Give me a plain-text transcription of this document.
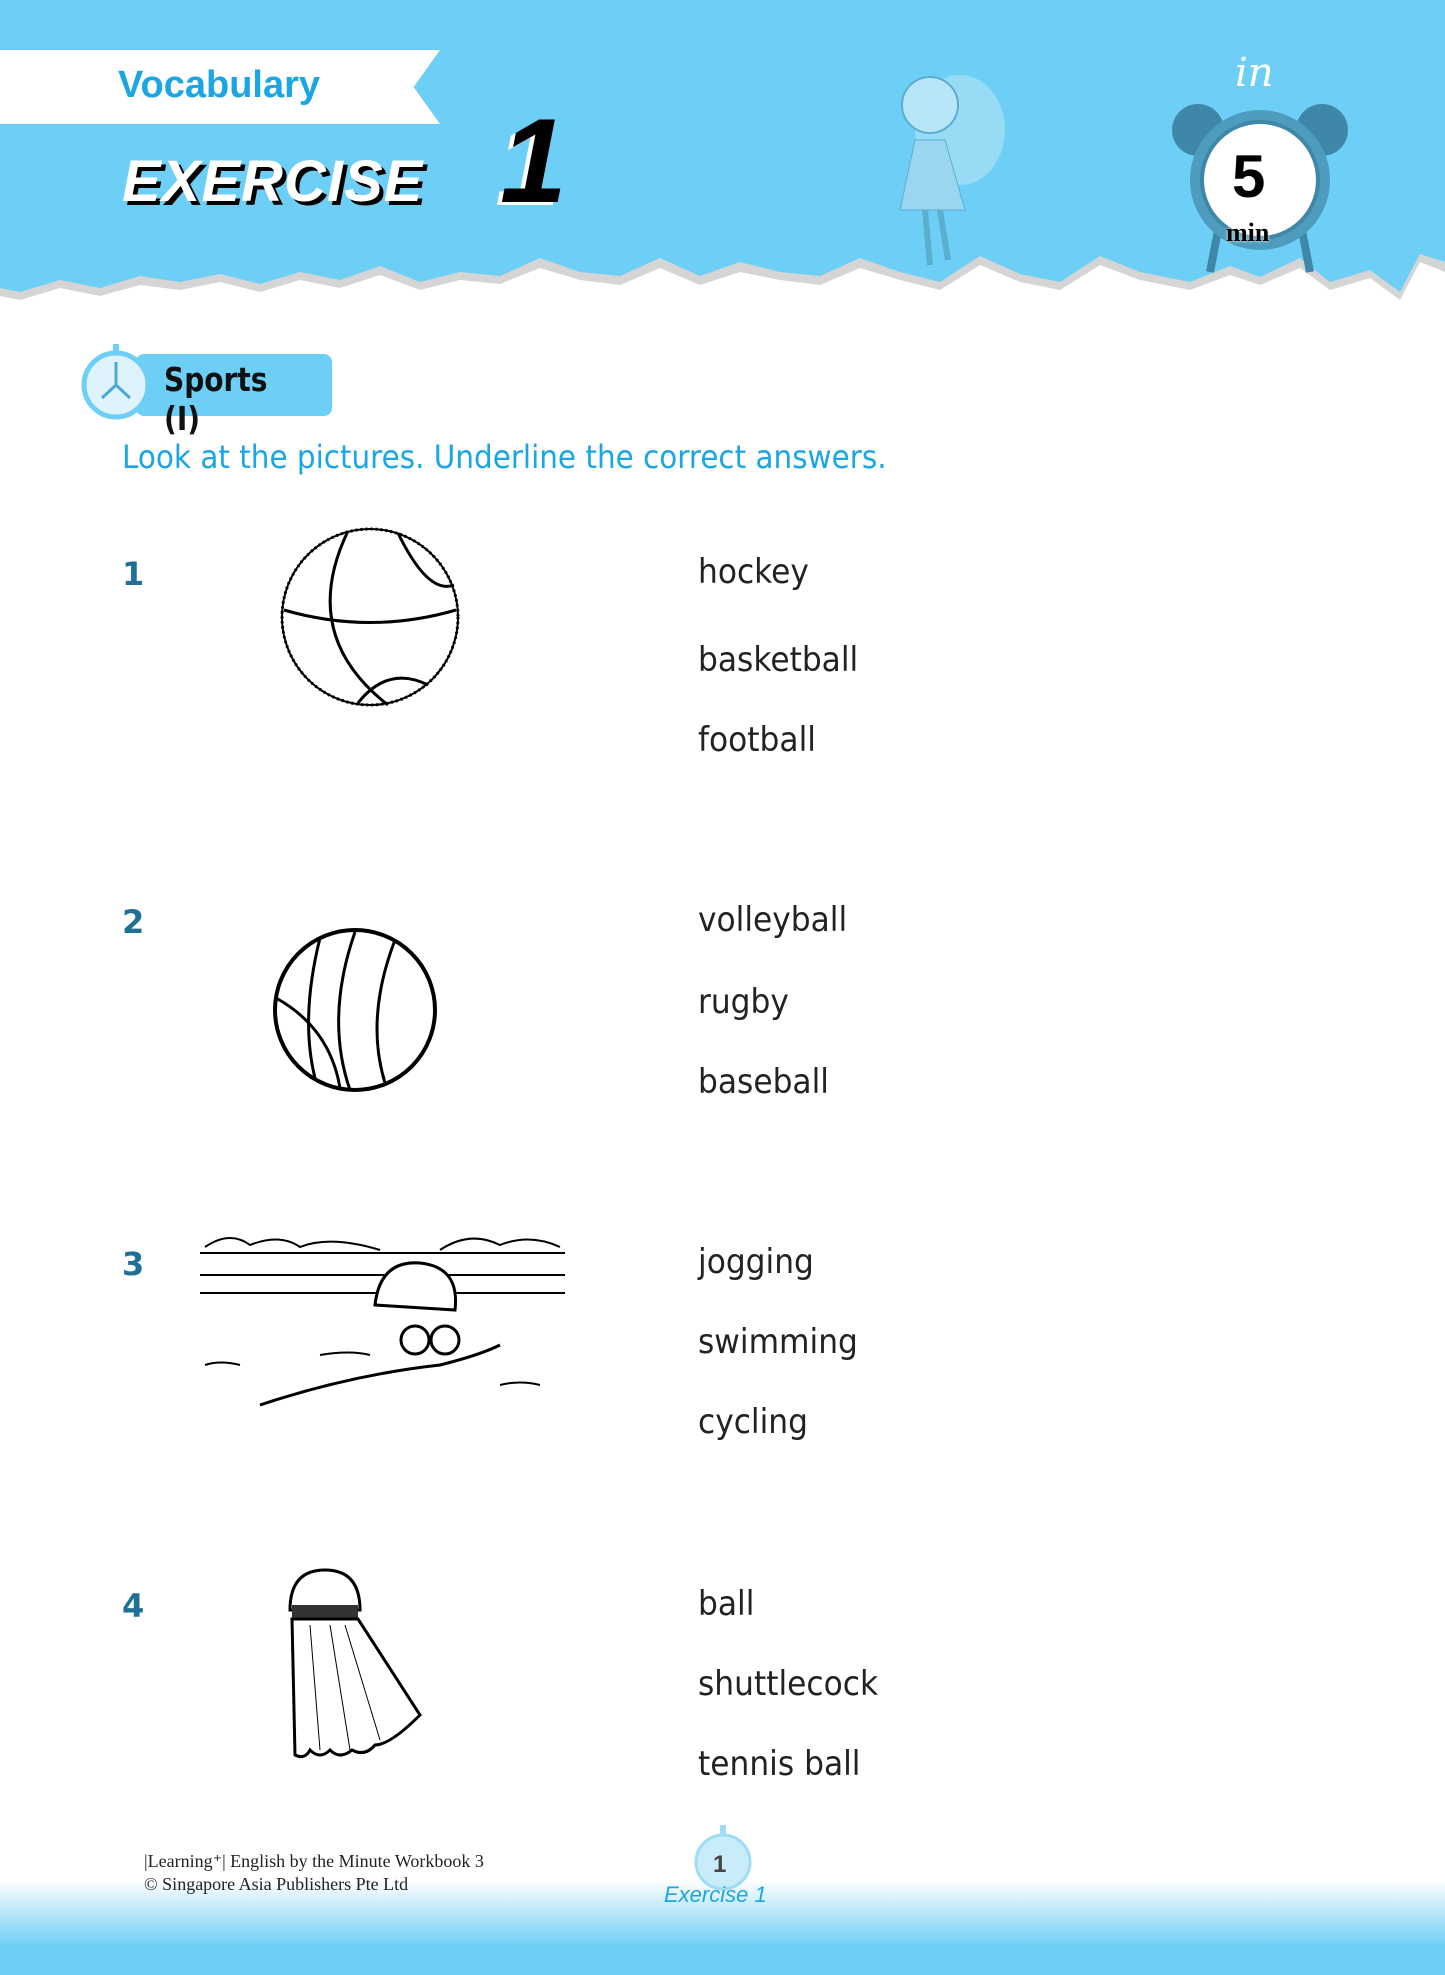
Vocabulary
EXERCISE 1
in
5
min
Sports (I)
Look at the pictures. Underline the correct answers.
1	hockey
basketball
football
2	volleyball
rugby
baseball
3	jogging
swimming
cycling
4	ball
shuttlecock
tennis ball
|Learning⁺| English by the Minute Workbook 3
© Singapore Asia Publishers Pte Ltd
1
Exercise 1
